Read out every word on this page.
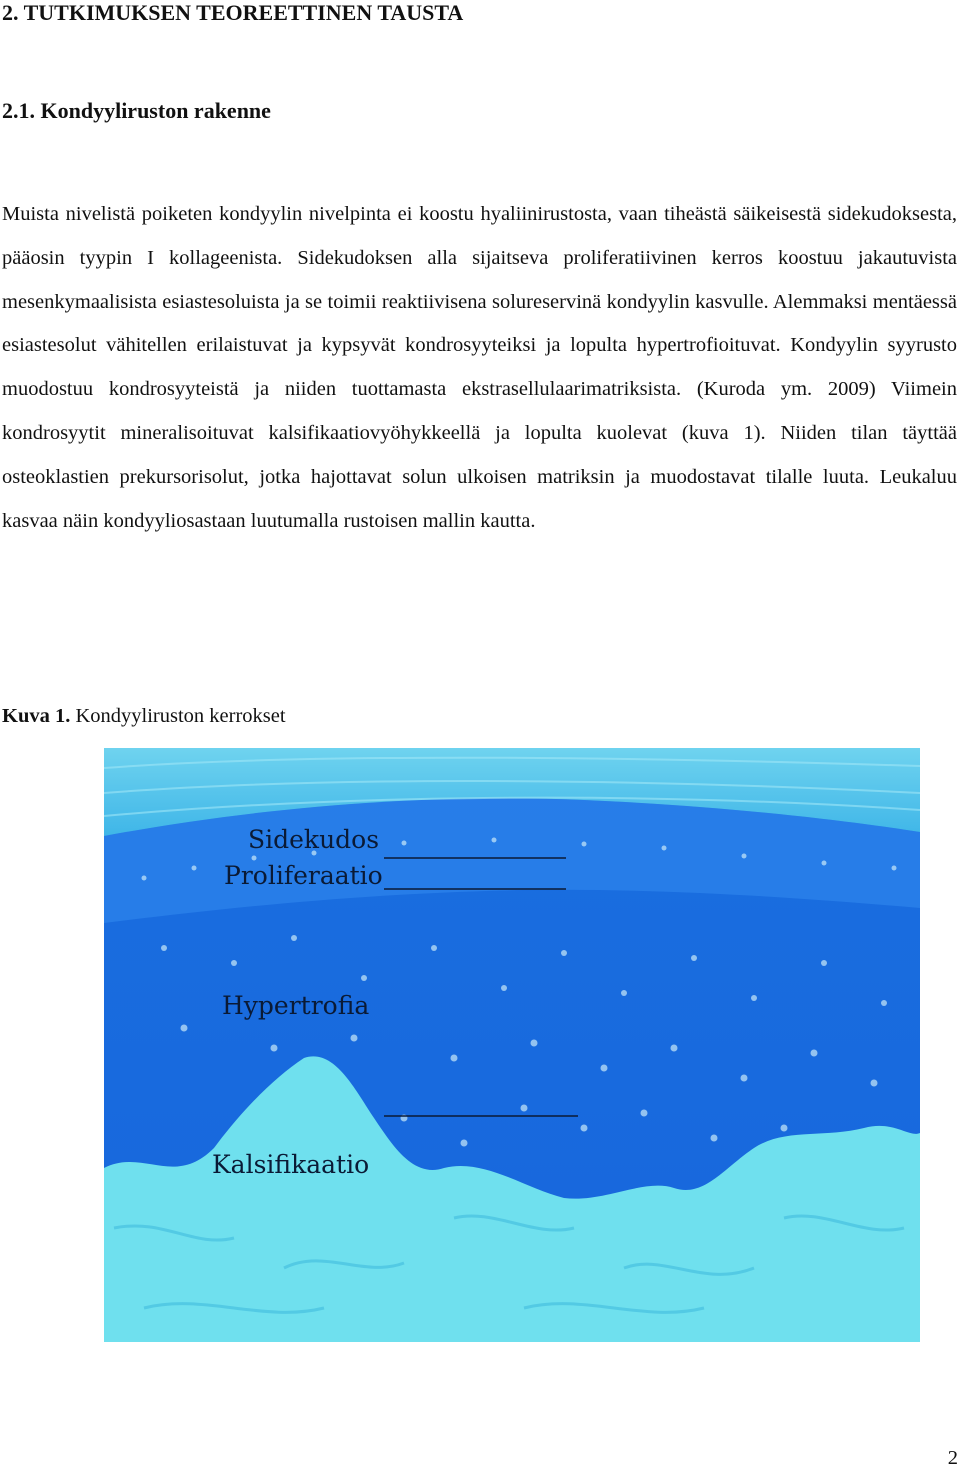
2. TUTKIMUKSEN TEOREETTINEN TAUSTA
2.1. Kondyyliruston rakenne

Muista nivelistä poiketen kondyylin nivelpinta ei koostu hyaliinirustosta, vaan tiheästä säikeisestä sidekudoksesta, pääosin tyypin I kollageenista. Sidekudoksen alla sijaitseva proliferatiivinen kerros koostuu jakautuvista mesenkymaalisista esiastesoluista ja se toimii reaktiivisena solureservinä kondyylin kasvulle. Alemmaksi mentäessä esiastesolut vähitellen erilaistuvat ja kypsyvät kondrosyyteiksi ja lopulta hypertrofioituvat. Kondyylin syyrusto muodostuu kondrosyyteistä ja niiden tuottamasta ekstrasellulaarimatriksista. (Kuroda ym. 2009) Viimein kondrosyytit mineralisoituvat kalsifikaatiovyöhykkeellä ja lopulta kuolevat (kuva 1). Niiden tilan täyttää osteoklastien prekursorisolut, jotka hajottavat solun ulkoisen matriksin ja muodostavat tilalle luuta. Leukaluu kasvaa näin kondyyliosastaan luutumalla rustoisen mallin kautta.

Kuva 1. Kondyyliruston kerrokset
Sidekudos
Proliferaatio
Hypertrofia
Kalsifikaatio
2
